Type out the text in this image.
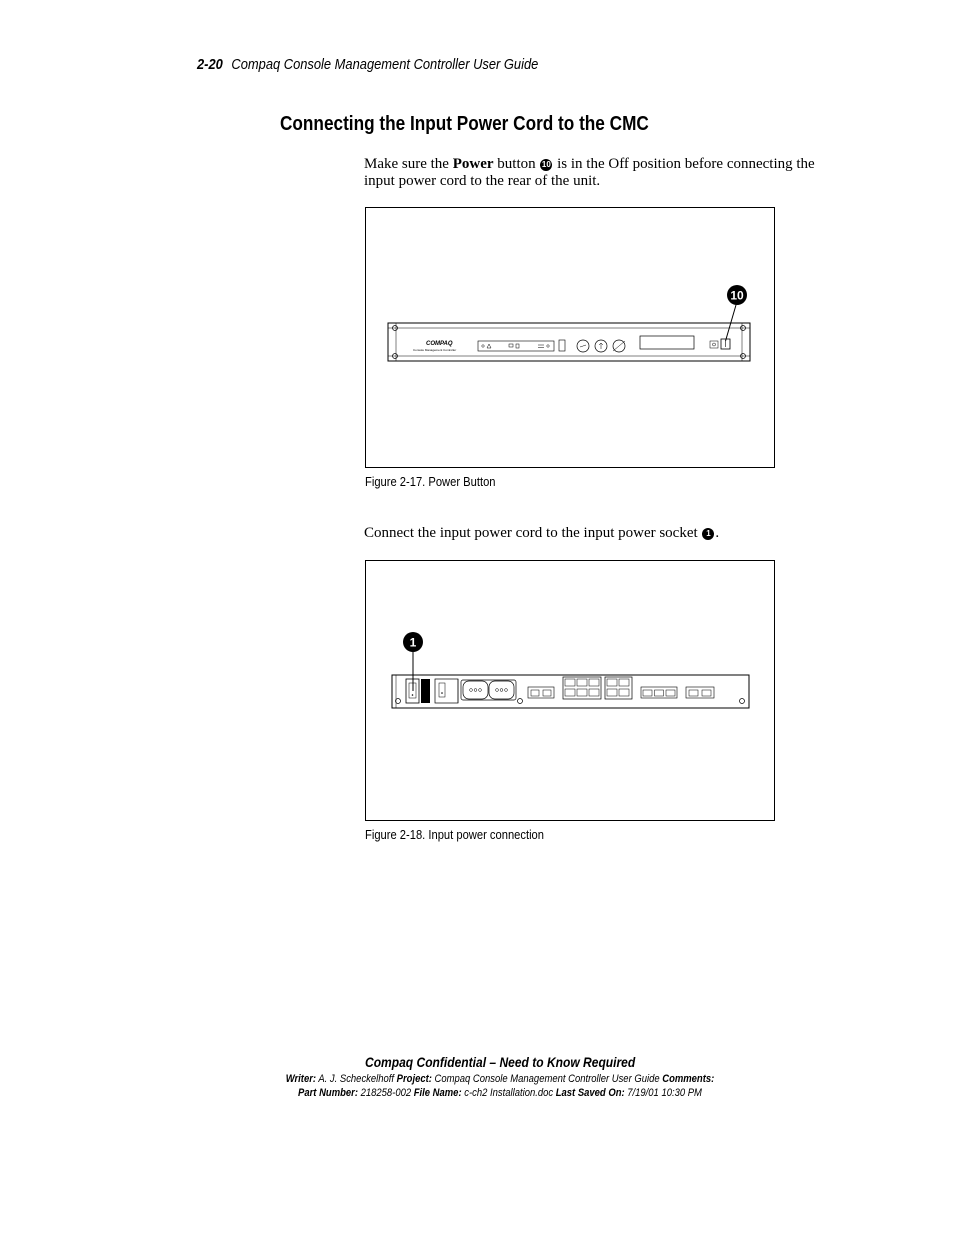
2-20 Compaq Console Management Controller User Guide
Connecting the Input Power Cord to the CMC
Make sure the Power button 10 is in the Off position before connecting the input power cord to the rear of the unit.
COMPAQ
Console Management Controller
10
Figure 2-17. Power Button
Connect the input power cord to the input power socket 1 .
1
Figure 2-18. Input power connection
Compaq Confidential – Need to Know Required
Writer: A. J. Scheckelhoff Project: Compaq Console Management Controller User Guide Comments:
Part Number: 218258-002 File Name: c-ch2 Installation.doc Last Saved On: 7/19/01 10:30 PM
